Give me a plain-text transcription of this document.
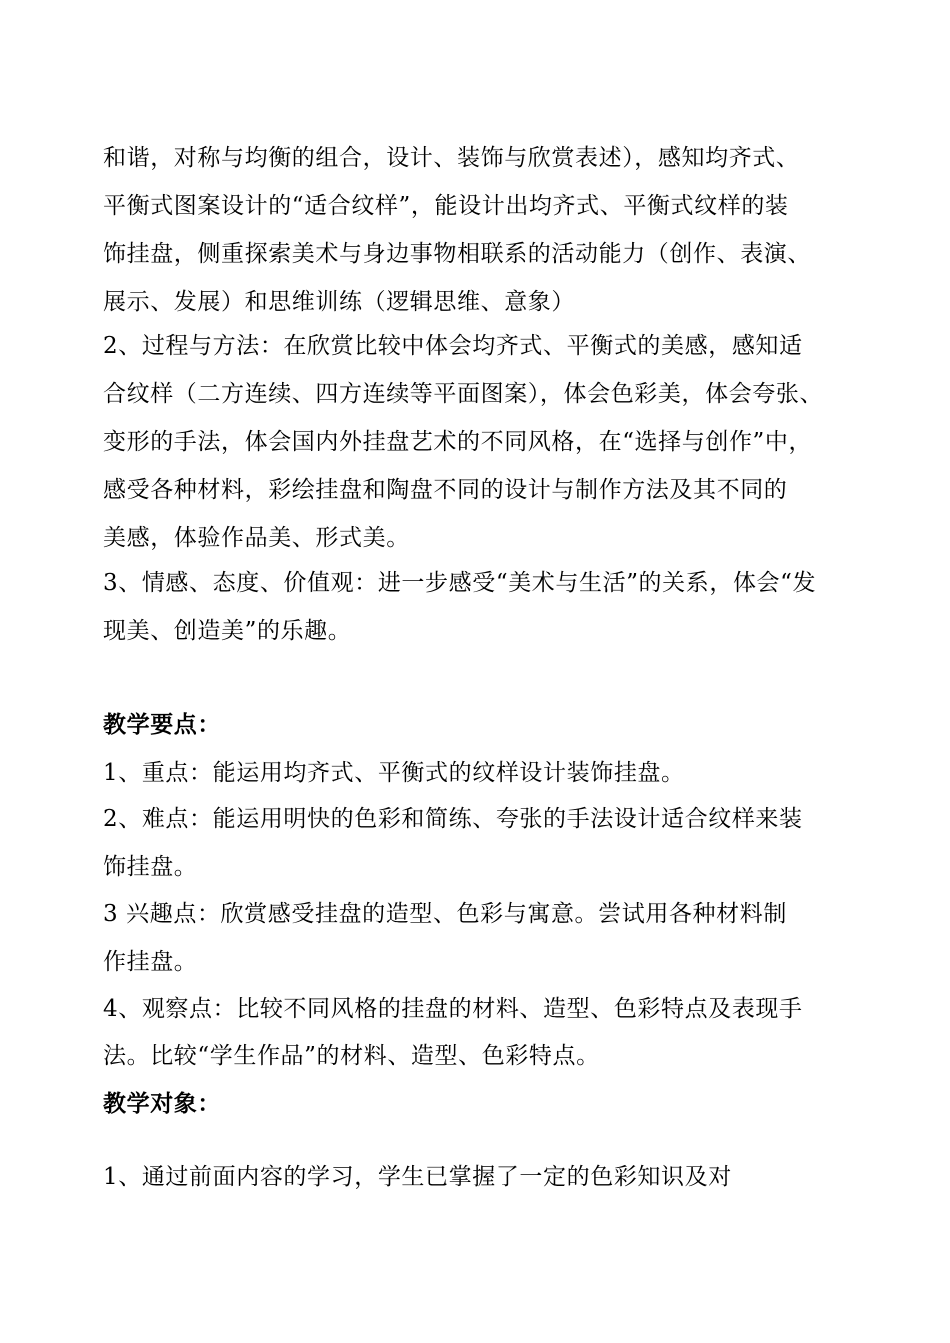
和谐，对称与均衡的组合，设计、装饰与欣赏表述），感知均齐式、
平衡式图案设计的“适合纹样”，能设计出均齐式、平衡式纹样的装
饰挂盘，侧重探索美术与身边事物相联系的活动能力（创作、表演、
展示、发展）和思维训练（逻辑思维、意象）
2、过程与方法：在欣赏比较中体会均齐式、平衡式的美感，感知适
合纹样（二方连续、四方连续等平面图案），体会色彩美，体会夸张、
变形的手法，体会国内外挂盘艺术的不同风格，在“选择与创作”中，
感受各种材料，彩绘挂盘和陶盘不同的设计与制作方法及其不同的
美感，体验作品美、形式美。
3、情感、态度、价值观：进一步感受“美术与生活”的关系，体会“发
现美、创造美”的乐趣。
教学要点：
1、重点：能运用均齐式、平衡式的纹样设计装饰挂盘。
2、难点：能运用明快的色彩和简练、夸张的手法设计适合纹样来装
饰挂盘。
3 兴趣点：欣赏感受挂盘的造型、色彩与寓意。尝试用各种材料制
作挂盘。
4、观察点：比较不同风格的挂盘的材料、造型、色彩特点及表现手
法。比较“学生作品”的材料、造型、色彩特点。
教学对象：
1、通过前面内容的学习，学生已掌握了一定的色彩知识及对
